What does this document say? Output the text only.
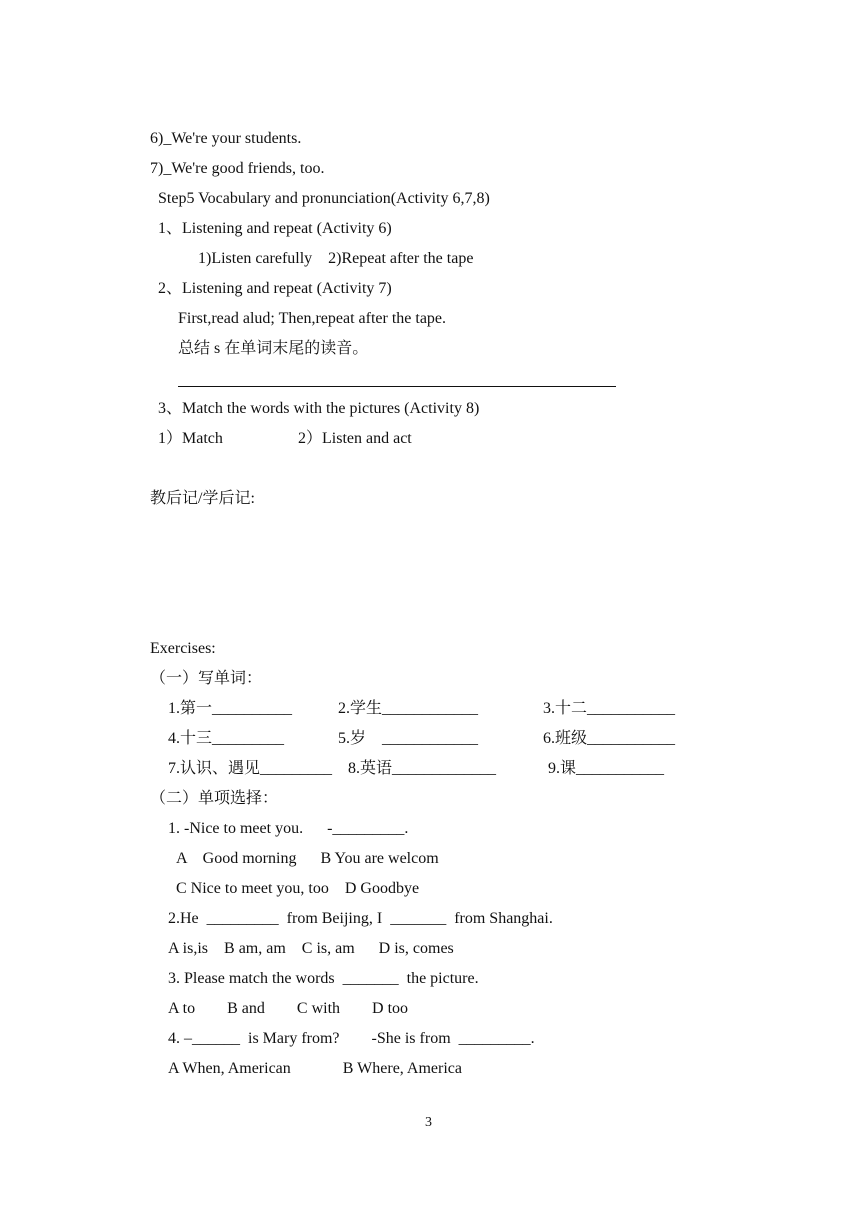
6)_We're your students.
7)_We're good friends, too.
Step5 Vocabulary and pronunciation(Activity 6,7,8)
1、Listening and repeat (Activity 6)
1)Listen carefully    2)Repeat after the tape
2、Listening and repeat (Activity 7)
First,read alud; Then,repeat after the tape.
总结 s 在单词末尾的读音。
3、Match the words with the pictures (Activity 8)
1）Match	2）Listen and act
教后记/学后记:
Exercises:
（一）写单词：
1.第一__________	2.学生____________	3.十二___________
4.十三_________	5.岁    ____________	6.班级___________
7.认识、遇见_________ 8.英语_____________	9.课___________
（二）单项选择：
1. -Nice to meet you.      -_________.
A    Good morning      B You are welcom
C Nice to meet you, too    D Goodbye
2.He  _________  from Beijing, I  _______  from Shanghai.
A is,is    B am, am    C is, am      D is, comes
3. Please match the words  _______  the picture.
A to        B and        C with        D too
4. –______  is Mary from?        -She is from  _________.
A When, American             B Where, America
3
